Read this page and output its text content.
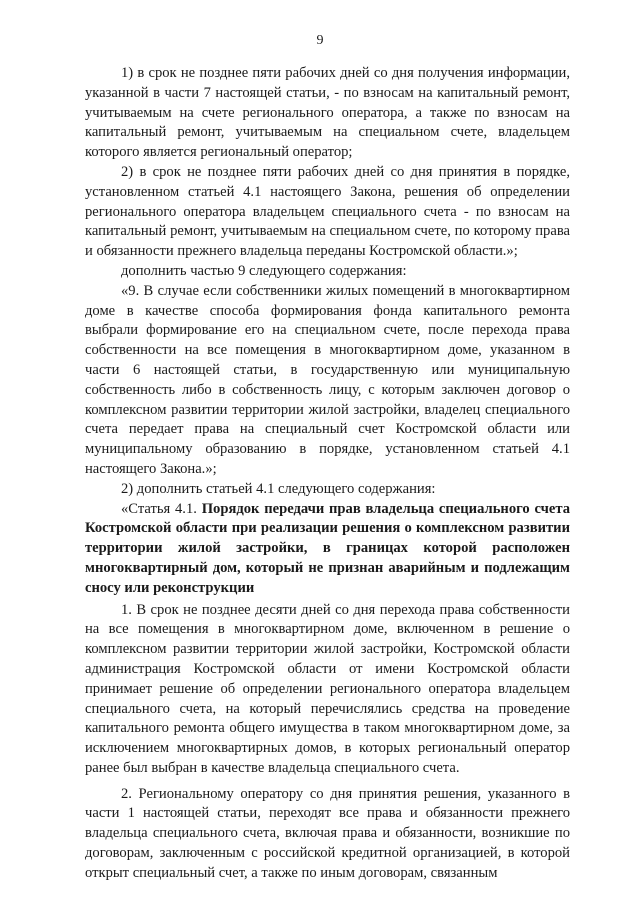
9

1) в срок не позднее пяти рабочих дней со дня получения информации, указанной в части 7 настоящей статьи, - по взносам на капитальный ремонт, учитываемым на счете регионального оператора, а также по взносам на капитальный ремонт, учитываемым на специальном счете, владельцем которого является региональный оператор;

2) в срок не позднее пяти рабочих дней со дня принятия в порядке, установленном статьей 4.1 настоящего Закона, решения об определении регионального оператора владельцем специального счета - по взносам на капитальный ремонт, учитываемым на специальном счете, по которому права и обязанности прежнего владельца переданы Костромской области.»;

дополнить частью 9 следующего содержания:

«9. В случае если собственники жилых помещений в многоквартирном доме в качестве способа формирования фонда капитального ремонта выбрали формирование его на специальном счете, после перехода права собственности на все помещения в многоквартирном доме, указанном в части 6 настоящей статьи, в государственную или муниципальную собственность либо в собственность лицу, с которым заключен договор о комплексном развитии территории жилой застройки, владелец специального счета передает права на специальный счет Костромской области или муниципальному образованию в порядке, установленном статьей 4.1 настоящего Закона.»;

2) дополнить статьей 4.1 следующего содержания:

«Статья 4.1. Порядок передачи прав владельца специального счета Костромской области при реализации решения о комплексном развитии территории жилой застройки, в границах которой расположен многоквартирный дом, который не признан аварийным и подлежащим сносу или реконструкции

1. В срок не позднее десяти дней со дня перехода права собственности на все помещения в многоквартирном доме, включенном в решение о комплексном развитии территории жилой застройки, Костромской области администрация Костромской области от имени Костромской области принимает решение об определении регионального оператора владельцем специального счета, на который перечислялись средства на проведение капитального ремонта общего имущества в таком многоквартирном доме, за исключением многоквартирных домов, в которых региональный оператор ранее был выбран в качестве владельца специального счета.

2. Региональному оператору со дня принятия решения, указанного в части 1 настоящей статьи, переходят все права и обязанности прежнего владельца специального счета, включая права и обязанности, возникшие по договорам, заключенным с российской кредитной организацией, в которой открыт специальный счет, а также по иным договорам, связанным
